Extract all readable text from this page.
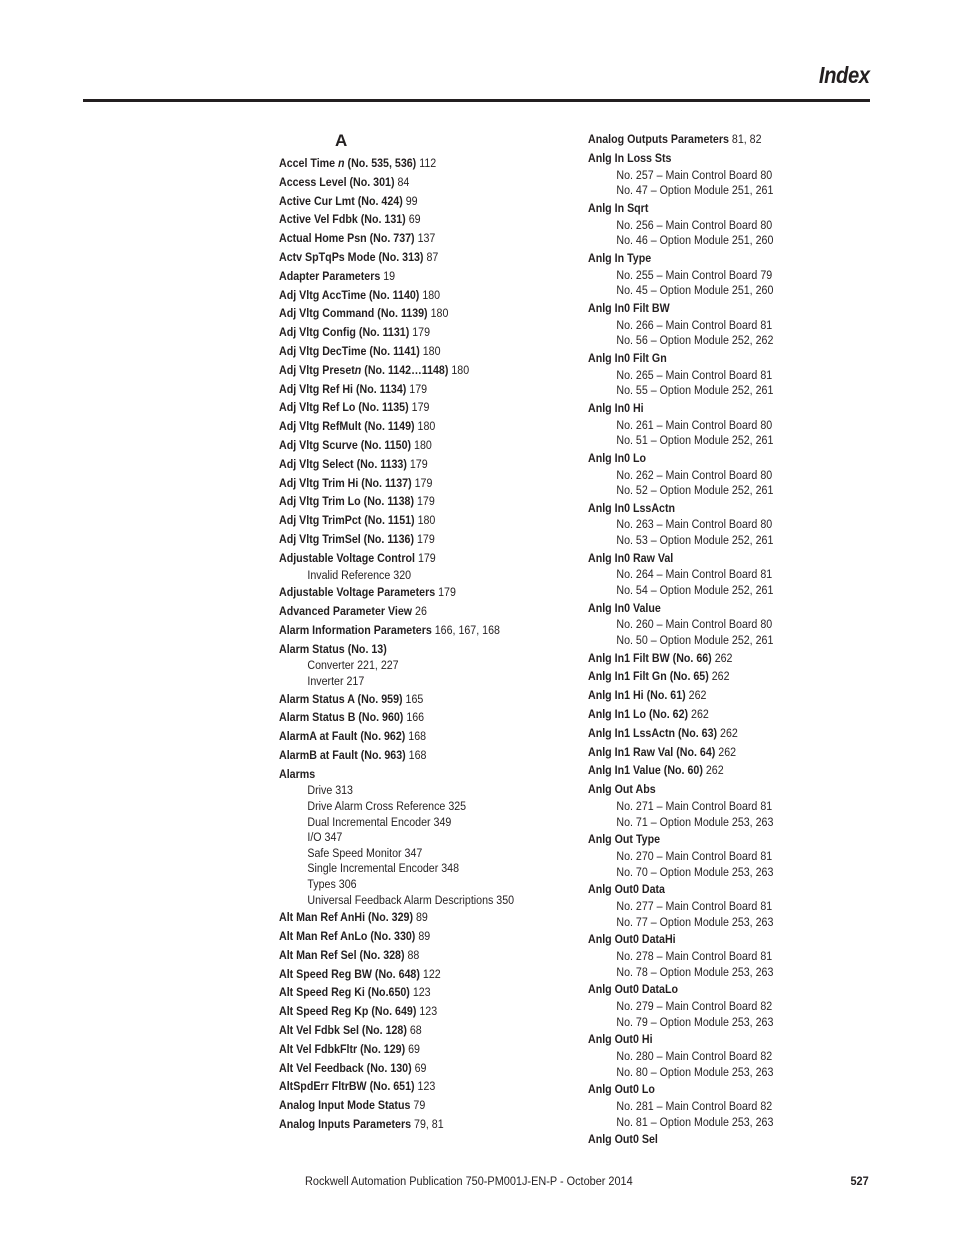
Index
A
Accel Time n (No. 535, 536) 112
Access Level (No. 301) 84
Active Cur Lmt (No. 424) 99
Active Vel Fdbk (No. 131) 69
Actual Home Psn (No. 737) 137
Actv SpTqPs Mode (No. 313) 87
Adapter Parameters 19
Adj Vltg AccTime (No. 1140) 180
Adj Vltg Command (No. 1139) 180
Adj Vltg Config (No. 1131) 179
Adj Vltg DecTime (No. 1141) 180
Adj Vltg Presetn (No. 1142…1148) 180
Adj Vltg Ref Hi (No. 1134) 179
Adj Vltg Ref Lo (No. 1135) 179
Adj Vltg RefMult (No. 1149) 180
Adj Vltg Scurve (No. 1150) 180
Adj Vltg Select (No. 1133) 179
Adj Vltg Trim Hi (No. 1137) 179
Adj Vltg Trim Lo (No. 1138) 179
Adj Vltg TrimPct (No. 1151) 180
Adj Vltg TrimSel (No. 1136) 179
Adjustable Voltage Control 179
Invalid Reference 320
Adjustable Voltage Parameters 179
Advanced Parameter View 26
Alarm Information Parameters 166, 167, 168
Alarm Status (No. 13)
Converter 221, 227
Inverter 217
Alarm Status A (No. 959) 165
Alarm Status B (No. 960) 166
AlarmA at Fault (No. 962) 168
AlarmB at Fault (No. 963) 168
Alarms
Drive 313
Drive Alarm Cross Reference 325
Dual Incremental Encoder 349
I/O 347
Safe Speed Monitor 347
Single Incremental Encoder 348
Types 306
Universal Feedback Alarm Descriptions 350
Alt Man Ref AnHi (No. 329) 89
Alt Man Ref AnLo (No. 330) 89
Alt Man Ref Sel (No. 328) 88
Alt Speed Reg BW (No. 648) 122
Alt Speed Reg Ki (No.650) 123
Alt Speed Reg Kp (No. 649) 123
Alt Vel Fdbk Sel (No. 128) 68
Alt Vel FdbkFltr (No. 129) 69
Alt Vel Feedback (No. 130) 69
AltSpdErr FltrBW (No. 651) 123
Analog Input Mode Status 79
Analog Inputs Parameters 79, 81
Analog Outputs Parameters 81, 82
Anlg In Loss Sts
No. 257 – Main Control Board 80
No. 47 – Option Module 251, 261
Anlg In Sqrt
No. 256 – Main Control Board 80
No. 46 – Option Module 251, 260
Anlg In Type
No. 255 – Main Control Board 79
No. 45 – Option Module 251, 260
Anlg In0 Filt BW
No. 266 – Main Control Board 81
No. 56 – Option Module 252, 262
Anlg In0 Filt Gn
No. 265 – Main Control Board 81
No. 55 – Option Module 252, 261
Anlg In0 Hi
No. 261 – Main Control Board 80
No. 51 – Option Module 252, 261
Anlg In0 Lo
No. 262 – Main Control Board 80
No. 52 – Option Module 252, 261
Anlg In0 LssActn
No. 263 – Main Control Board 80
No. 53 – Option Module 252, 261
Anlg In0 Raw Val
No. 264 – Main Control Board 81
No. 54 – Option Module 252, 261
Anlg In0 Value
No. 260 – Main Control Board 80
No. 50 – Option Module 252, 261
Anlg In1 Filt BW (No. 66) 262
Anlg In1 Filt Gn (No. 65) 262
Anlg In1 Hi (No. 61) 262
Anlg In1 Lo (No. 62) 262
Anlg In1 LssActn (No. 63) 262
Anlg In1 Raw Val (No. 64) 262
Anlg In1 Value (No. 60) 262
Anlg Out Abs
No. 271 – Main Control Board 81
No. 71 – Option Module 253, 263
Anlg Out Type
No. 270 – Main Control Board 81
No. 70 – Option Module 253, 263
Anlg Out0 Data
No. 277 – Main Control Board 81
No. 77 – Option Module 253, 263
Anlg Out0 DataHi
No. 278 – Main Control Board 81
No. 78 – Option Module 253, 263
Anlg Out0 DataLo
No. 279 – Main Control Board 82
No. 79 – Option Module 253, 263
Anlg Out0 Hi
No. 280 – Main Control Board 82
No. 80 – Option Module 253, 263
Anlg Out0 Lo
No. 281 – Main Control Board 82
No. 81 – Option Module 253, 263
Anlg Out0 Sel
Rockwell Automation Publication 750-PM001J-EN-P - October 2014	527
